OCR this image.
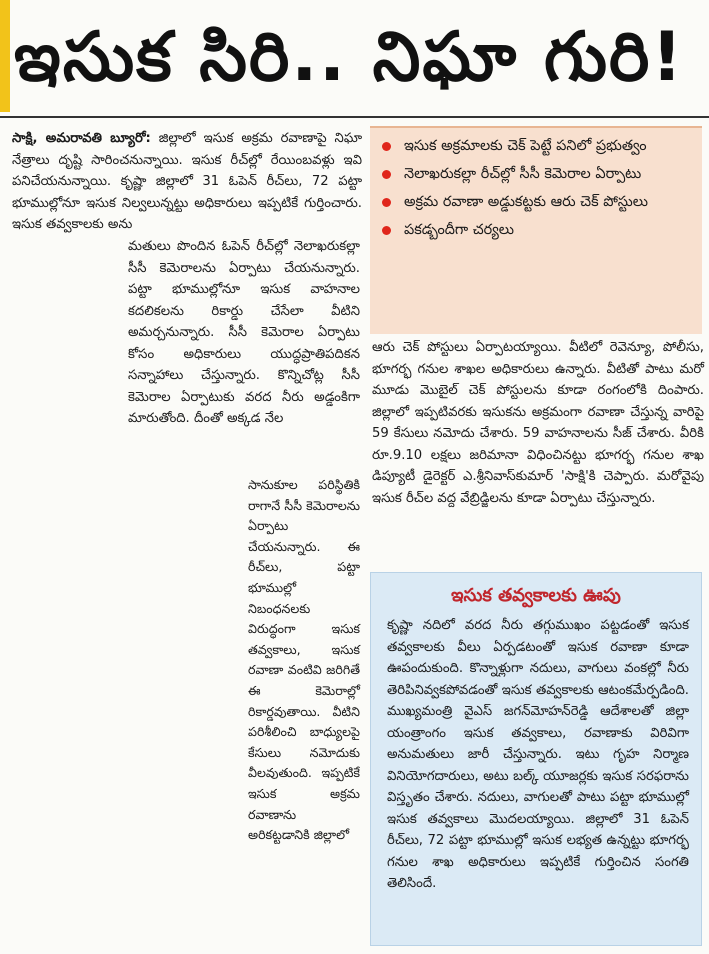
ఇసుక సిరి.. నిఘా గురి!

సాక్షి, అమరావతి బ్యూరో: జిల్లాలో ఇసుక అక్రమ రవాణాపై నిఘా నేత్రాలు దృష్టి సారించనున్నాయి. ఇసుక రీచ్‌ల్లో రేయింబవళ్లు ఇవి పనిచేయనున్నాయి. కృష్ణా జిల్లాలో 31 ఓపెన్ రీచ్‌లు, 72 పట్టా భూముల్లోనూ ఇసుక నిల్వలున్నట్టు అధికారులు ఇప్పటికే గుర్తించారు. ఇసుక తవ్వకాలకు అను

మతులు పొందిన ఓపెన్ రీచ్‌ల్లో నెలాఖరుకల్లా సీసీ కెమెరాలను ఏర్పాటు చేయనున్నారు. పట్టా భూముల్లోనూ ఇసుక వాహనాల కదలికలను రికార్డు చేసేలా వీటిని అమర్చనున్నారు. సీసీ కెమెరాల ఏర్పాటు కోసం అధికారులు యుద్ధప్రాతిపదికన సన్నాహాలు చేస్తున్నారు. కొన్నిచోట్ల సీసీ కెమెరాల ఏర్పాటుకు వరద నీరు అడ్డంకిగా మారుతోంది. దీంతో అక్కడ నేల

సానుకూల పరిస్థితికి రాగానే సీసీ కెమెరాలను ఏర్పాటు చేయనున్నారు. ఈ రీచ్‌లు, పట్టా భూముల్లో నిబంధనలకు విరుద్ధంగా ఇసుక తవ్వకాలు, ఇసుక రవాణా వంటివి జరిగితే ఈ కెమెరాల్లో రికార్డవుతాయి. వీటిని పరిశీలించి బాధ్యులపై కేసులు నమోదుకు వీలవుతుంది. ఇప్పటికే ఇసుక అక్రమ రవాణాను అరికట్టడానికి జిల్లాలో

ఇసుక అక్రమాలకు చెక్ పెట్టే పనిలో ప్రభుత్వం
నెలాఖరుకల్లా రీచ్‌ల్లో సీసీ కెమెరాల ఏర్పాటు
అక్రమ రవాణా అడ్డుకట్టకు ఆరు చెక్ పోస్టులు
పకడ్బందీగా చర్యలు

ఆరు చెక్ పోస్టులు ఏర్పాటయ్యాయి. వీటిలో రెవెన్యూ, పోలీసు, భూగర్భ గనుల శాఖల అధికారులు ఉన్నారు. వీటితో పాటు మరో మూడు మొబైల్ చెక్ పోస్టులను కూడా రంగంలోకి దింపారు. జిల్లాలో ఇప్పటివరకు ఇసుకను అక్రమంగా రవాణా చేస్తున్న వారిపై 59 కేసులు నమోదు చేశారు. 59 వాహనాలను సీజ్ చేశారు. వీరికి రూ.9.10 లక్షలు జరిమానా విధించినట్టు భూగర్భ గనుల శాఖ డిప్యూటీ డైరెక్టర్ ఎ.శ్రీనివాస్‌కుమార్ 'సాక్షి'కి చెప్పారు. మరోవైపు ఇసుక రీచ్‌ల వద్ద వేబ్రిడ్జిలను కూడా ఏర్పాటు చేస్తున్నారు.

ఇసుక తవ్వకాలకు ఊపు

కృష్ణా నదిలో వరద నీరు తగ్గుముఖం పట్టడంతో ఇసుక తవ్వకాలకు వీలు ఏర్పడటంతో ఇసుక రవాణా కూడా ఊపందుకుంది. కొన్నాళ్లుగా నదులు, వాగులు వంకల్లో నీరు తెరిపినివ్వకపోవడంతో ఇసుక తవ్వకాలకు ఆటంకమేర్పడింది. ముఖ్యమంత్రి వైఎస్ జగన్‌మోహన్‌రెడ్డి ఆదేశాలతో జిల్లా యంత్రాంగం ఇసుక తవ్వకాలు, రవాణాకు విరివిగా అనుమతులు జారీ చేస్తున్నారు. ఇటు గృహ నిర్మాణ వినియోగదారులు, అటు బల్క్ యూజర్లకు ఇసుక సరఫరాను విస్తృతం చేశారు. నదులు, వాగులతో పాటు పట్టా భూముల్లో ఇసుక తవ్వకాలు మొదలయ్యాయి. జిల్లాలో 31 ఓపెన్ రీచ్‌లు, 72 పట్టా భూముల్లో ఇసుక లభ్యత ఉన్నట్టు భూగర్భ గనుల శాఖ అధికారులు ఇప్పటికే గుర్తించిన సంగతి తెలిసిందే.
